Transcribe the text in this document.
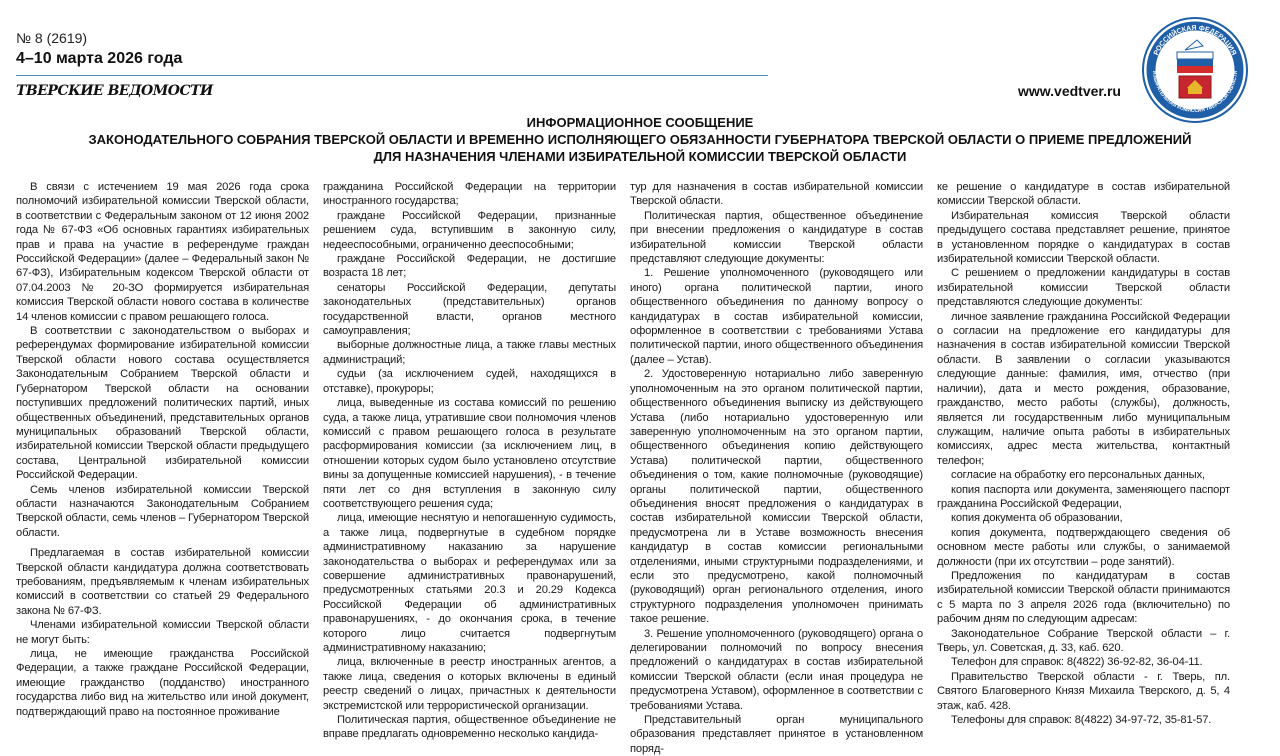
№ 8 (2619)
4–10 марта 2026 года
ТВЕРСКИЕ ВЕДОМОСТИ	www.vedtver.ru
РОССИЙСКАЯ ФЕДЕРАЦИЯ
ИЗБИРАТЕЛЬНАЯ КОМИССИЯ ТВЕРСКОЙ ОБЛАСТИ
ИНФОРМАЦИОННОЕ СООБЩЕНИЕ
ЗАКОНОДАТЕЛЬНОГО СОБРАНИЯ ТВЕРСКОЙ ОБЛАСТИ И ВРЕМЕННО ИСПОЛНЯЮЩЕГО ОБЯЗАННОСТИ ГУБЕРНАТОРА ТВЕРСКОЙ ОБЛАСТИ О ПРИЕМЕ ПРЕДЛОЖЕНИЙ
ДЛЯ НАЗНАЧЕНИЯ ЧЛЕНАМИ ИЗБИРАТЕЛЬНОЙ КОМИССИИ ТВЕРСКОЙ ОБЛАСТИ

В связи с истечением 19 мая 2026 года срока полномочий избирательной комиссии Тверской области, в соответствии с Федеральным законом от 12 июня 2002 года № 67-ФЗ «Об основных гарантиях избирательных прав и права на участие в референдуме граждан Российской Федерации» (далее – Федеральный закон № 67-ФЗ), Избирательным кодексом Тверской области от 07.04.2003 № 20-ЗО формируется избирательная комиссия Тверской области нового состава в количестве 14 членов комиссии с правом решающего голоса.

В соответствии с законодательством о выборах и референдумах формирование избирательной комиссии Тверской области нового состава осуществляется Законодательным Собранием Тверской области и Губернатором Тверской области на основании поступивших предложений политических партий, иных общественных объединений, представительных органов муниципальных образований Тверской области, избирательной комиссии Тверской области предыдущего состава, Центральной избирательной комиссии Российской Федерации.

Семь членов избирательной комиссии Тверской области назначаются Законодательным Собранием Тверской области, семь членов – Губернатором Тверской области.

Предлагаемая в состав избирательной комиссии Тверской области кандидатура должна соответствовать требованиям, предъявляемым к членам избирательных комиссий в соответствии со статьей 29 Федерального закона № 67-ФЗ.

Членами избирательной комиссии Тверской области не могут быть:

лица, не имеющие гражданства Российской Федерации, а также граждане Российской Федерации, имеющие гражданство (подданство) иностранного государства либо вид на жительство или иной документ, подтверждающий право на постоянное проживание

гражданина Российской Федерации на территории иностранного государства;

граждане Российской Федерации, признанные решением суда, вступившим в законную силу, недееспособными, ограниченно дееспособными;

граждане Российской Федерации, не достигшие возраста 18 лет;

сенаторы Российской Федерации, депутаты законодательных (представительных) органов государственной власти, органов местного самоуправления;

выборные должностные лица, а также главы местных администраций;

судьи (за исключением судей, находящихся в отставке), прокуроры;

лица, выведенные из состава комиссий по решению суда, а также лица, утратившие свои полномочия членов комиссий с правом решающего голоса в результате расформирования комиссии (за исключением лиц, в отношении которых судом было установлено отсутствие вины за допущенные комиссией нарушения), - в течение пяти лет со дня вступления в законную силу соответствующего решения суда;

лица, имеющие неснятую и непогашенную судимость, а также лица, подвергнутые в судебном порядке административному наказанию за нарушение законодательства о выборах и референдумах или за совершение административных правонарушений, предусмотренных статьями 20.3 и 20.29 Кодекса Российской Федерации об административных правонарушениях, - до окончания срока, в течение которого лицо считается подвергнутым административному наказанию;

лица, включенные в реестр иностранных агентов, а также лица, сведения о которых включены в единый реестр сведений о лицах, причастных к деятельности экстремистской или террористической организации.

Политическая партия, общественное объединение не вправе предлагать одновременно несколько кандида-

тур для назначения в состав избирательной комиссии Тверской области.

Политическая партия, общественное объединение при внесении предложения о кандидатуре в состав избирательной комиссии Тверской области представляют следующие документы:

1. Решение уполномоченного (руководящего или иного) органа политической партии, иного общественного объединения по данному вопросу о кандидатурах в состав избирательной комиссии, оформленное в соответствии с требованиями Устава политической партии, иного общественного объединения (далее – Устав).

2. Удостоверенную нотариально либо заверенную уполномоченным на это органом политической партии, общественного объединения выписку из действующего Устава (либо нотариально удостоверенную или заверенную уполномоченным на это органом партии, общественного объединения копию действующего Устава) политической партии, общественного объединения о том, какие полномочные (руководящие) органы политической партии, общественного объединения вносят предложения о кандидатурах в состав избирательной комиссии Тверской области, предусмотрена ли в Уставе возможность внесения кандидатур в состав комиссии региональными отделениями, иными структурными подразделениями, и если это предусмотрено, какой полномочный (руководящий) орган регионального отделения, иного структурного подразделения уполномочен принимать такое решение.

3. Решение уполномоченного (руководящего) органа о делегировании полномочий по вопросу внесения предложений о кандидатурах в состав избирательной комиссии Тверской области (если иная процедура не предусмотрена Уставом), оформленное в соответствии с требованиями Устава.

Представительный орган муниципального образования представляет принятое в установленном поряд-

ке решение о кандидатуре в состав избирательной комиссии Тверской области.

Избирательная комиссия Тверской области предыдущего состава представляет решение, принятое в установленном порядке о кандидатурах в состав избирательной комиссии Тверской области.

С решением о предложении кандидатуры в состав избирательной комиссии Тверской области представляются следующие документы:

личное заявление гражданина Российской Федерации о согласии на предложение его кандидатуры для назначения в состав избирательной комиссии Тверской области. В заявлении о согласии указываются следующие данные: фамилия, имя, отчество (при наличии), дата и место рождения, образование, гражданство, место работы (службы), должность, является ли государственным либо муниципальным служащим, наличие опыта работы в избирательных комиссиях, адрес места жительства, контактный телефон;

согласие на обработку его персональных данных,

копия паспорта или документа, заменяющего паспорт гражданина Российской Федерации,

копия документа об образовании,

копия документа, подтверждающего сведения об основном месте работы или службы, о занимаемой должности (при их отсутствии – роде занятий).

Предложения по кандидатурам в состав избирательной комиссии Тверской области принимаются с 5 марта по 3 апреля 2026 года (включительно) по рабочим дням по следующим адресам:

Законодательное Собрание Тверской области – г. Тверь, ул. Советская, д. 33, каб. 620.

Телефон для справок: 8(4822) 36-92-82, 36-04-11.

Правительство Тверской области - г. Тверь, пл. Святого Благоверного Князя Михаила Тверского, д. 5, 4 этаж, каб. 428.

Телефоны для справок: 8(4822) 34-97-72, 35-81-57.
